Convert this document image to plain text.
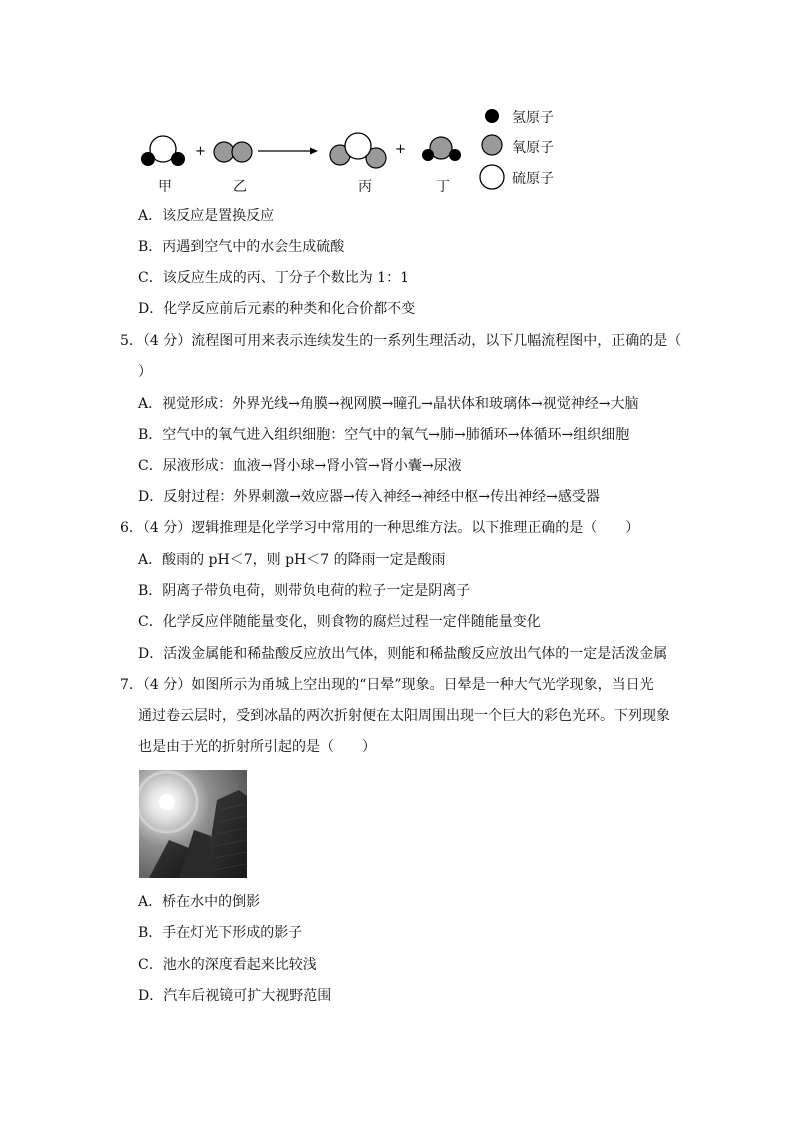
+	+
甲	乙	丙	丁
氢原子
氧原子
硫原子
A．该反应是置换反应
B．丙遇到空气中的水会生成硫酸
C．该反应生成的丙、丁分子个数比为 1：1
D．化学反应前后元素的种类和化合价都不变
5．（4 分）流程图可用来表示连续发生的一系列生理活动，以下几幅流程图中，正确的是（
）
A．视觉形成：外界光线→角膜→视网膜→瞳孔→晶状体和玻璃体→视觉神经→大脑
B．空气中的氧气进入组织细胞：空气中的氧气→肺→肺循环→体循环→组织细胞
C．尿液形成：血液→肾小球→肾小管→肾小囊→尿液
D．反射过程：外界刺激→效应器→传入神经→神经中枢→传出神经→感受器
6．（4 分）逻辑推理是化学学习中常用的一种思维方法。以下推理正确的是（　　）
A．酸雨的 pH＜7，则 pH＜7 的降雨一定是酸雨
B．阴离子带负电荷，则带负电荷的粒子一定是阴离子
C．化学反应伴随能量变化，则食物的腐烂过程一定伴随能量变化
D．活泼金属能和稀盐酸反应放出气体，则能和稀盐酸反应放出气体的一定是活泼金属
7．（4 分）如图所示为甬城上空出现的“日晕”现象。日晕是一种大气光学现象，当日光
通过卷云层时，受到冰晶的两次折射便在太阳周围出现一个巨大的彩色光环。下列现象
也是由于光的折射所引起的是（　　）
A．桥在水中的倒影
B．手在灯光下形成的影子
C．池水的深度看起来比较浅
D．汽车后视镜可扩大视野范围
